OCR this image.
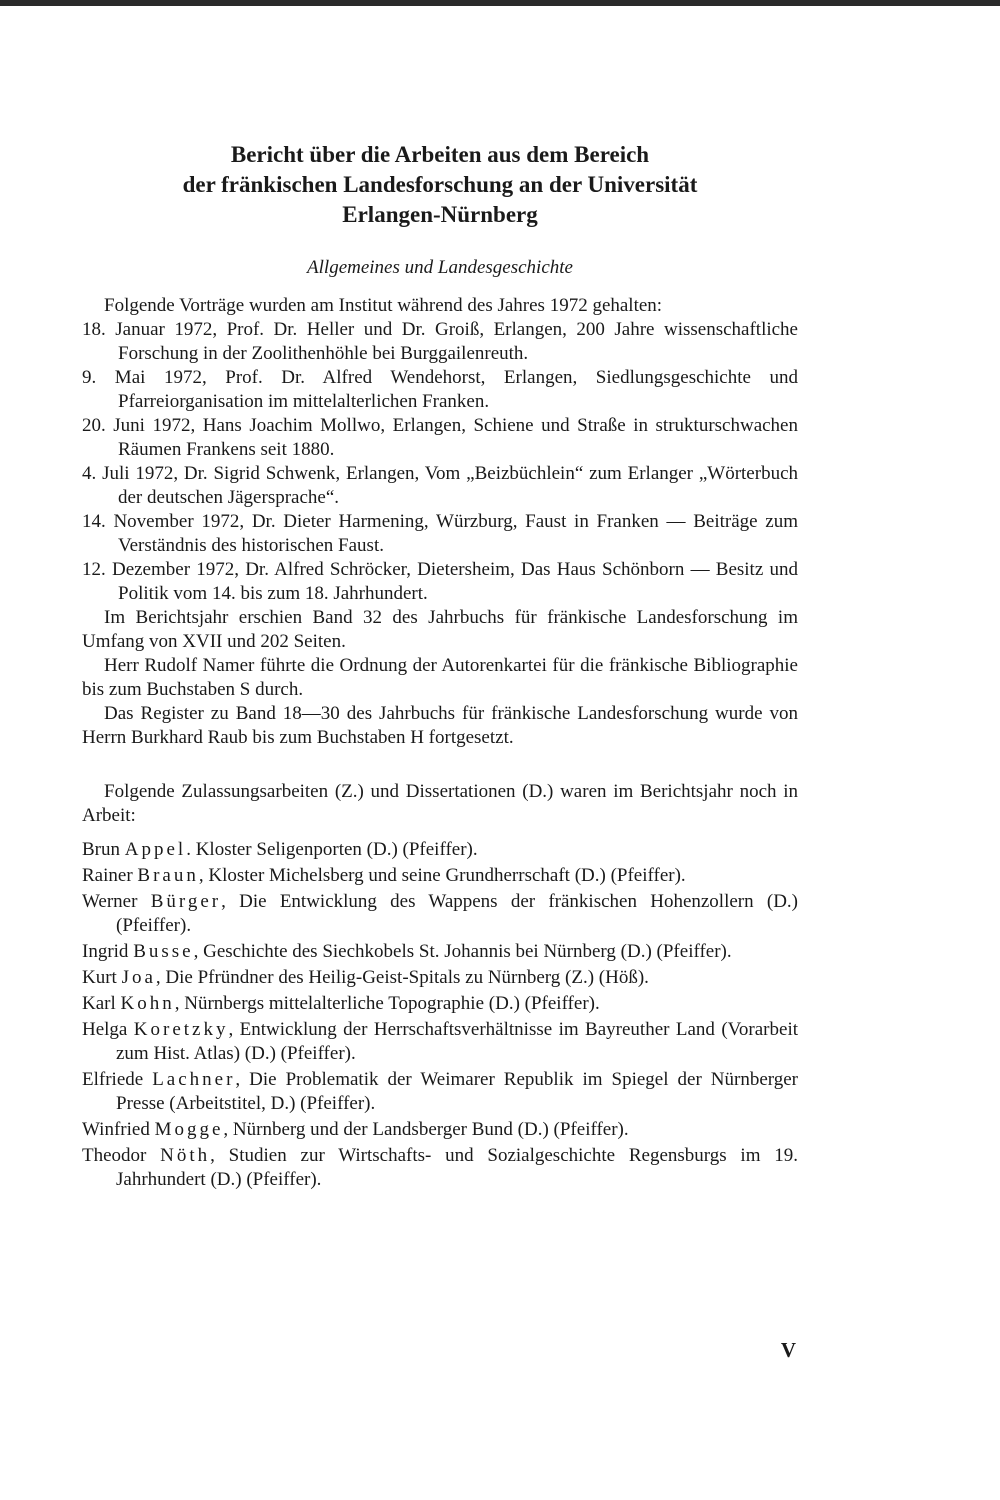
Bericht über die Arbeiten aus dem Bereich
der fränkischen Landesforschung an der Universität
Erlangen-Nürnberg
Allgemeines und Landesgeschichte

Folgende Vorträge wurden am Institut während des Jahres 1972 gehalten:

18. Januar 1972, Prof. Dr. Heller und Dr. Groiß, Erlangen, 200 Jahre wissenschaftliche Forschung in der Zoolithenhöhle bei Burggailenreuth.
9. Mai 1972, Prof. Dr. Alfred Wendehorst, Erlangen, Siedlungsgeschichte und Pfarreiorganisation im mittelalterlichen Franken.
20. Juni 1972, Hans Joachim Mollwo, Erlangen, Schiene und Straße in strukturschwachen Räumen Frankens seit 1880.
4. Juli 1972, Dr. Sigrid Schwenk, Erlangen, Vom „Beizbüchlein“ zum Erlanger „Wörterbuch der deutschen Jägersprache“.
14. November 1972, Dr. Dieter Harmening, Würzburg, Faust in Franken — Beiträge zum Verständnis des historischen Faust.
12. Dezember 1972, Dr. Alfred Schröcker, Dietersheim, Das Haus Schönborn — Besitz und Politik vom 14. bis zum 18. Jahrhundert.

Im Berichtsjahr erschien Band 32 des Jahrbuchs für fränkische Landesforschung im Umfang von XVII und 202 Seiten.

Herr Rudolf Namer führte die Ordnung der Autorenkartei für die fränkische Bibliographie bis zum Buchstaben S durch.

Das Register zu Band 18—30 des Jahrbuchs für fränkische Landesforschung wurde von Herrn Burkhard Raub bis zum Buchstaben H fortgesetzt.

Folgende Zulassungsarbeiten (Z.) und Dissertationen (D.) waren im Berichtsjahr noch in Arbeit:

Brun Appel. Kloster Seligenporten (D.) (Pfeiffer).
Rainer Braun, Kloster Michelsberg und seine Grundherrschaft (D.) (Pfeiffer).
Werner Bürger, Die Entwicklung des Wappens der fränkischen Hohenzollern (D.) (Pfeiffer).
Ingrid Busse, Geschichte des Siechkobels St. Johannis bei Nürnberg (D.) (Pfeiffer).
Kurt Joa, Die Pfründner des Heilig-Geist-Spitals zu Nürnberg (Z.) (Höß).
Karl Kohn, Nürnbergs mittelalterliche Topographie (D.) (Pfeiffer).
Helga Koretzky, Entwicklung der Herrschaftsverhältnisse im Bayreuther Land (Vorarbeit zum Hist. Atlas) (D.) (Pfeiffer).
Elfriede Lachner, Die Problematik der Weimarer Republik im Spiegel der Nürnberger Presse (Arbeitstitel, D.) (Pfeiffer).
Winfried Mogge, Nürnberg und der Landsberger Bund (D.) (Pfeiffer).
Theodor Nöth, Studien zur Wirtschafts- und Sozialgeschichte Regensburgs im 19. Jahrhundert (D.) (Pfeiffer).
V
